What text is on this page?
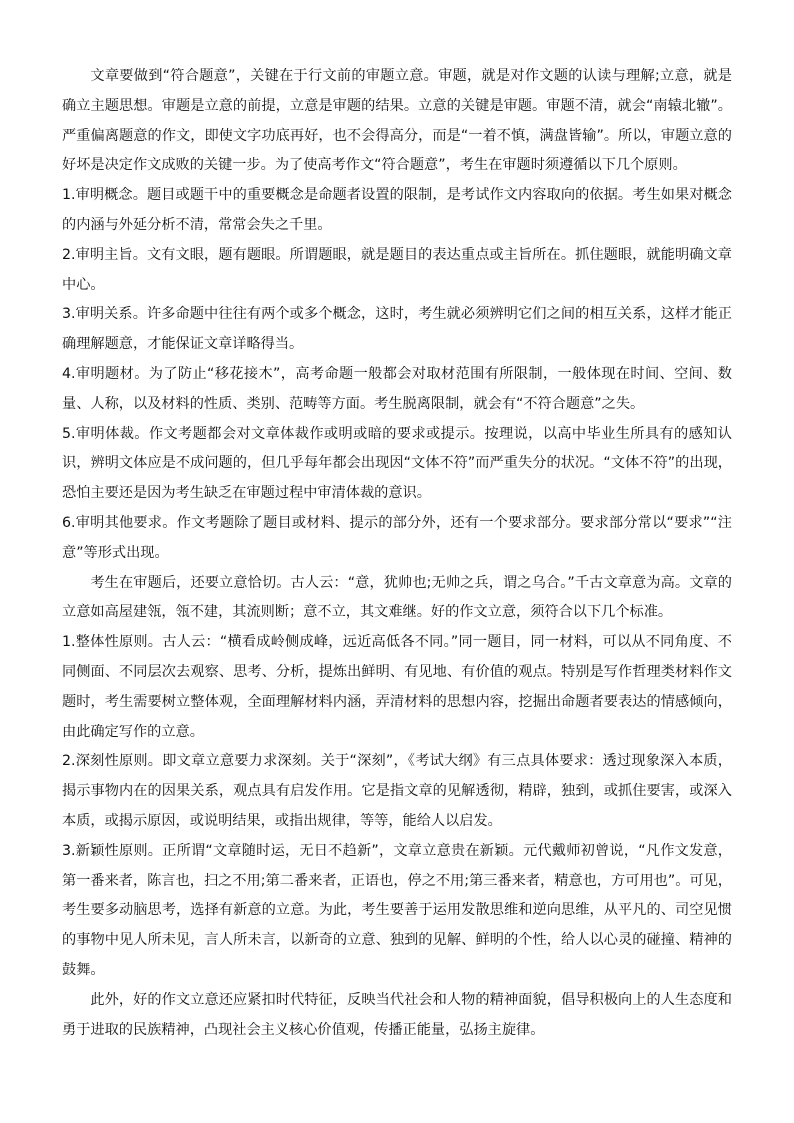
文章要做到“符合题意”，关键在于行文前的审题立意。审题，就是对作文题的认读与理解;立意，就是确立主题思想。审题是立意的前提，立意是审题的结果。立意的关键是审题。审题不清，就会“南辕北辙”。严重偏离题意的作文，即使文字功底再好，也不会得高分，而是“一着不慎，满盘皆输”。所以，审题立意的好坏是决定作文成败的关键一步。为了使高考作文“符合题意”，考生在审题时须遵循以下几个原则。

1.审明概念。题目或题干中的重要概念是命题者设置的限制，是考试作文内容取向的依据。考生如果对概念的内涵与外延分析不清，常常会失之千里。

2.审明主旨。文有文眼，题有题眼。所谓题眼，就是题目的表达重点或主旨所在。抓住题眼，就能明确文章中心。

3.审明关系。许多命题中往往有两个或多个概念，这时，考生就必须辨明它们之间的相互关系，这样才能正确理解题意，才能保证文章详略得当。

4.审明题材。为了防止“移花接木”，高考命题一般都会对取材范围有所限制，一般体现在时间、空间、数量、人称，以及材料的性质、类别、范畴等方面。考生脱离限制，就会有“不符合题意”之失。

5.审明体裁。作文考题都会对文章体裁作或明或暗的要求或提示。按理说，以高中毕业生所具有的感知认识，辨明文体应是不成问题的，但几乎每年都会出现因“文体不符”而严重失分的状况。“文体不符”的出现，恐怕主要还是因为考生缺乏在审题过程中审清体裁的意识。

6.审明其他要求。作文考题除了题目或材料、提示的部分外，还有一个要求部分。要求部分常以“要求”“注意”等形式出现。

考生在审题后，还要立意恰切。古人云：“意，犹帅也;无帅之兵，谓之乌合。”千古文章意为高。文章的立意如高屋建瓴，瓴不建，其流则断；意不立，其文难继。好的作文立意，须符合以下几个标准。

1.整体性原则。古人云：“横看成岭侧成峰，远近高低各不同。”同一题目，同一材料，可以从不同角度、不同侧面、不同层次去观察、思考、分析，提炼出鲜明、有见地、有价值的观点。特别是写作哲理类材料作文题时，考生需要树立整体观，全面理解材料内涵，弄清材料的思想内容，挖掘出命题者要表达的情感倾向，由此确定写作的立意。

2.深刻性原则。即文章立意要力求深刻。关于“深刻”，《考试大纲》有三点具体要求：透过现象深入本质，揭示事物内在的因果关系，观点具有启发作用。它是指文章的见解透彻，精辟，独到，或抓住要害，或深入本质，或揭示原因，或说明结果，或指出规律，等等，能给人以启发。

3.新颖性原则。正所谓“文章随时运，无日不趋新”，文章立意贵在新颖。元代戴师初曾说，“凡作文发意，第一番来者，陈言也，扫之不用;第二番来者，正语也，停之不用;第三番来者，精意也，方可用也”。可见，考生要多动脑思考，选择有新意的立意。为此，考生要善于运用发散思维和逆向思维，从平凡的、司空见惯的事物中见人所未见，言人所未言，以新奇的立意、独到的见解、鲜明的个性，给人以心灵的碰撞、精神的鼓舞。

此外，好的作文立意还应紧扣时代特征，反映当代社会和人物的精神面貌，倡导积极向上的人生态度和勇于进取的民族精神，凸现社会主义核心价值观，传播正能量，弘扬主旋律。
